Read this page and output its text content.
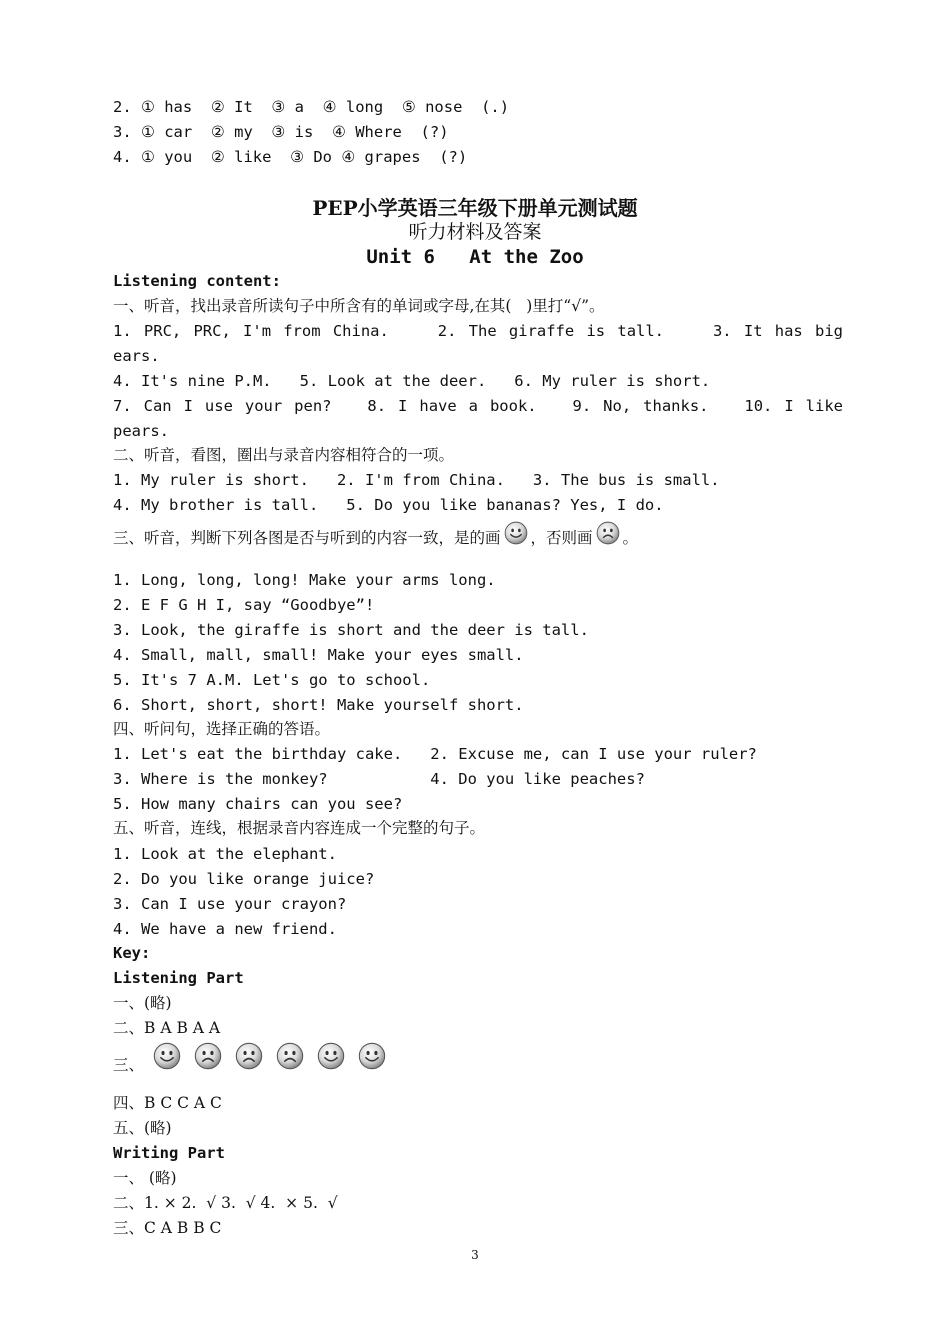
2. ① has  ② It  ③ a  ④ long  ⑤ nose  (.)
3. ① car  ② my  ③ is  ④ Where  (?)
4. ① you  ② like  ③ Do ④ grapes  (?)
PEP小学英语三年级下册单元测试题
听力材料及答案
Unit 6   At the Zoo
Listening content:
一、听音，找出录音所读句子中所含有的单词或字母,在其(   )里打“√”。
1. PRC, PRC, I'm from China.    2. The giraffe is tall.    3. It has big
ears.
4. It's nine P.M.   5. Look at the deer.   6. My ruler is short.
7. Can I use your pen?   8. I have a book.   9. No, thanks.   10. I like
pears.
二、听音，看图，圈出与录音内容相符合的一项。
1. My ruler is short.   2. I'm from China.   3. The bus is small.
4. My brother is tall.   5. Do you like bananas? Yes, I do.
三、听音，判断下列各图是否与听到的内容一致，是的画 ，否则画 。
1. Long, long, long! Make your arms long.
2. E F G H I, say “Goodbye”!
3. Look, the giraffe is short and the deer is tall.
4. Small, mall, small! Make your eyes small.
5. It's 7 A.M. Let's go to school.
6. Short, short, short! Make yourself short.
四、听问句，选择正确的答语。
1. Let's eat the birthday cake.   2. Excuse me, can I use your ruler?
3. Where is the monkey?           4. Do you like peaches?
5. How many chairs can you see?
五、听音，连线，根据录音内容连成一个完整的句子。
1. Look at the elephant.
2. Do you like orange juice?
3. Can I use your crayon?
4. We have a new friend.
Key:
Listening Part
一、(略)
二、B A B A A
三、
四、B C C A C
五、(略)
Writing Part
一、 (略)
二、1. × 2.  √ 3.  √ 4.  × 5.  √
三、C A B B C
3
